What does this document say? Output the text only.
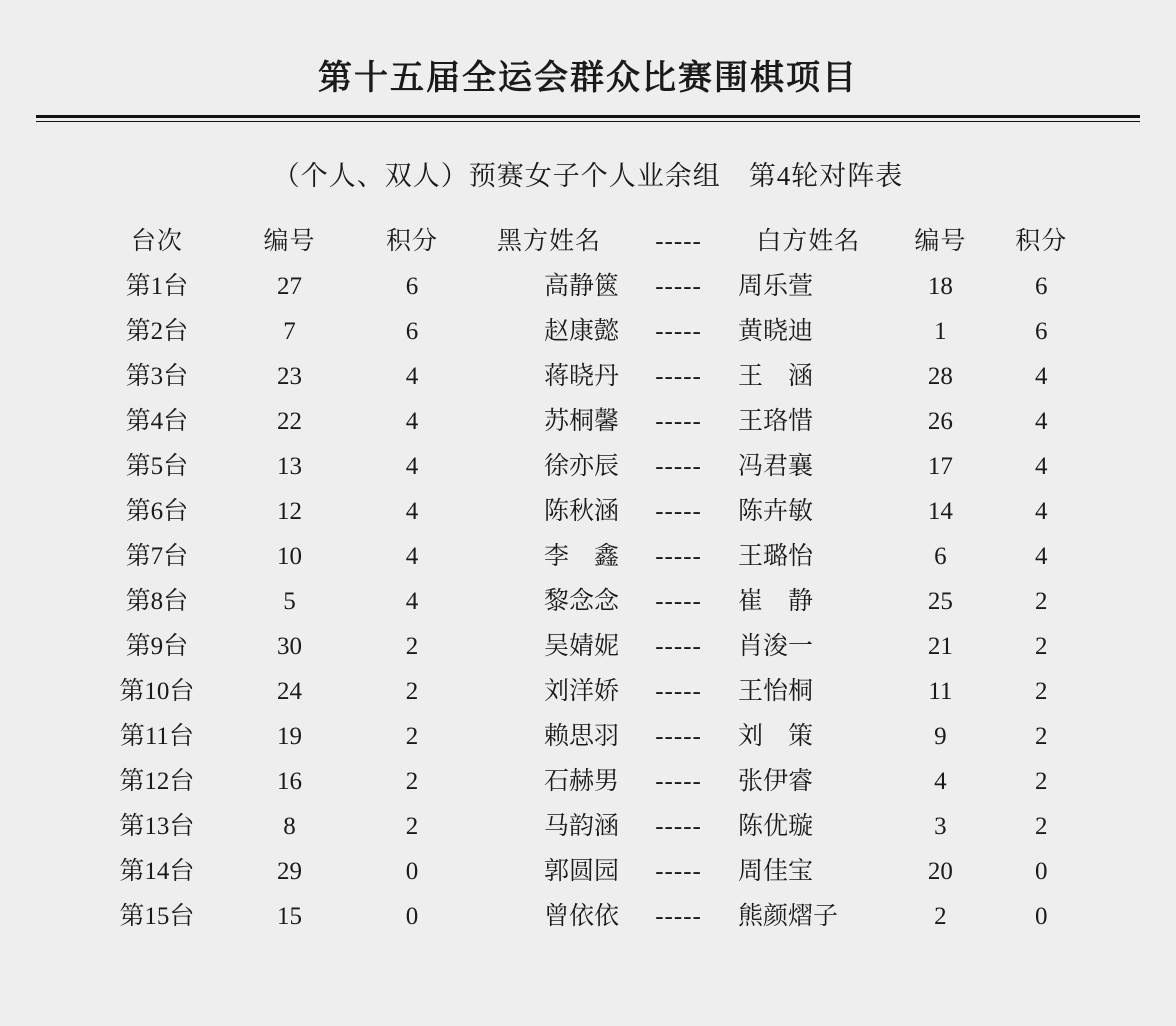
第十五届全运会群众比赛围棋项目
（个人、双人）预赛女子个人业余组　第4轮对阵表
台次	编号	积分	黑方姓名	-----	白方姓名	编号	积分
第1台	27	6	高静篋	-----	周乐萱	18	6
第2台	7	6	赵康懿	-----	黄晓迪	1	6
第3台	23	4	蒋晓丹	-----	王　涵	28	4
第4台	22	4	苏桐馨	-----	王珞惜	26	4
第5台	13	4	徐亦辰	-----	冯君襄	17	4
第6台	12	4	陈秋涵	-----	陈卉敏	14	4
第7台	10	4	李　鑫	-----	王璐怡	6	4
第8台	5	4	黎念念	-----	崔　静	25	2
第9台	30	2	吴婧妮	-----	肖浚一	21	2
第10台	24	2	刘洋娇	-----	王怡桐	11	2
第11台	19	2	赖思羽	-----	刘　策	9	2
第12台	16	2	石赫男	-----	张伊睿	4	2
第13台	8	2	马韵涵	-----	陈优璇	3	2
第14台	29	0	郭圆园	-----	周佳宝	20	0
第15台	15	0	曾依依	-----	熊颜熠子	2	0
